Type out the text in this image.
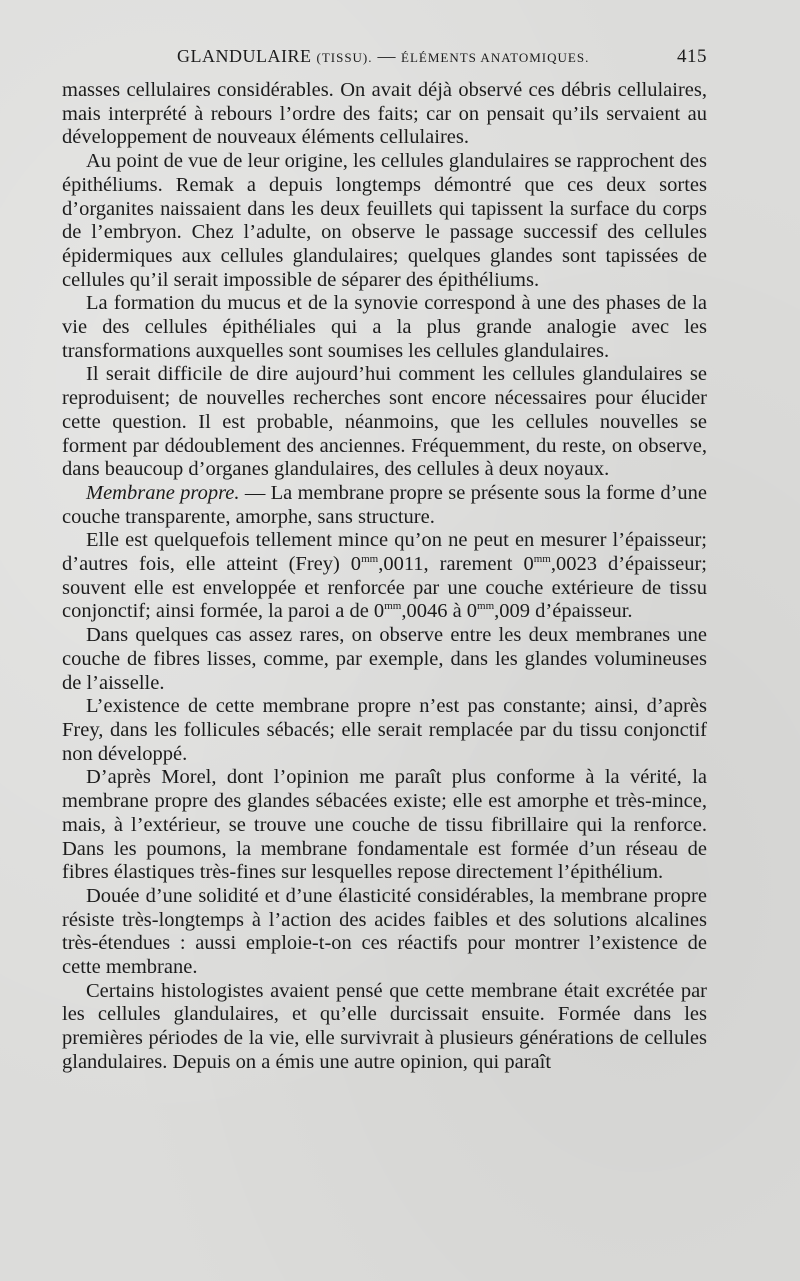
GLANDULAIRE (TISSU). — ÉLÉMENTS ANATOMIQUES.	415

masses cellulaires considérables. On avait déjà observé ces débris cellulaires, mais interprété à rebours l’ordre des faits; car on pensait qu’ils servaient au développement de nouveaux éléments cellulaires.

Au point de vue de leur origine, les cellules glandulaires se rapprochent des épithéliums. Remak a depuis longtemps démontré que ces deux sortes d’organites naissaient dans les deux feuillets qui tapissent la surface du corps de l’embryon. Chez l’adulte, on observe le passage successif des cellules épidermiques aux cellules glandulaires; quelques glandes sont tapissées de cellules qu’il serait impossible de séparer des épithéliums.

La formation du mucus et de la synovie correspond à une des phases de la vie des cellules épithéliales qui a la plus grande analogie avec les transformations auxquelles sont soumises les cellules glandulaires.

Il serait difficile de dire aujourd’hui comment les cellules glandulaires se reproduisent; de nouvelles recherches sont encore nécessaires pour élucider cette question. Il est probable, néanmoins, que les cellules nouvelles se forment par dédoublement des anciennes. Fréquemment, du reste, on observe, dans beaucoup d’organes glandulaires, des cellules à deux noyaux.

Membrane propre. — La membrane propre se présente sous la forme d’une couche transparente, amorphe, sans structure.

Elle est quelquefois tellement mince qu’on ne peut en mesurer l’épaisseur; d’autres fois, elle atteint (Frey) $0^{mm},0011$, rarement $0^{mm},0023$ d’épaisseur; souvent elle est enveloppée et renforcée par une couche extérieure de tissu conjonctif; ainsi formée, la paroi a de $0^{mm},0046$ à $0^{mm},009$ d’épaisseur.

Dans quelques cas assez rares, on observe entre les deux membranes une couche de fibres lisses, comme, par exemple, dans les glandes volumineuses de l’aisselle.

L’existence de cette membrane propre n’est pas constante; ainsi, d’après Frey, dans les follicules sébacés; elle serait remplacée par du tissu conjonctif non développé.

D’après Morel, dont l’opinion me paraît plus conforme à la vérité, la membrane propre des glandes sébacées existe; elle est amorphe et très-mince, mais, à l’extérieur, se trouve une couche de tissu fibrillaire qui la renforce. Dans les poumons, la membrane fondamentale est formée d’un réseau de fibres élastiques très-fines sur lesquelles repose directement l’épithélium.

Douée d’une solidité et d’une élasticité considérables, la membrane propre résiste très-longtemps à l’action des acides faibles et des solutions alcalines très-étendues : aussi emploie-t-on ces réactifs pour montrer l’existence de cette membrane.

Certains histologistes avaient pensé que cette membrane était excrétée par les cellules glandulaires, et qu’elle durcissait ensuite. Formée dans les premières périodes de la vie, elle survivrait à plusieurs générations de cellules glandulaires. Depuis on a émis une autre opinion, qui paraît
